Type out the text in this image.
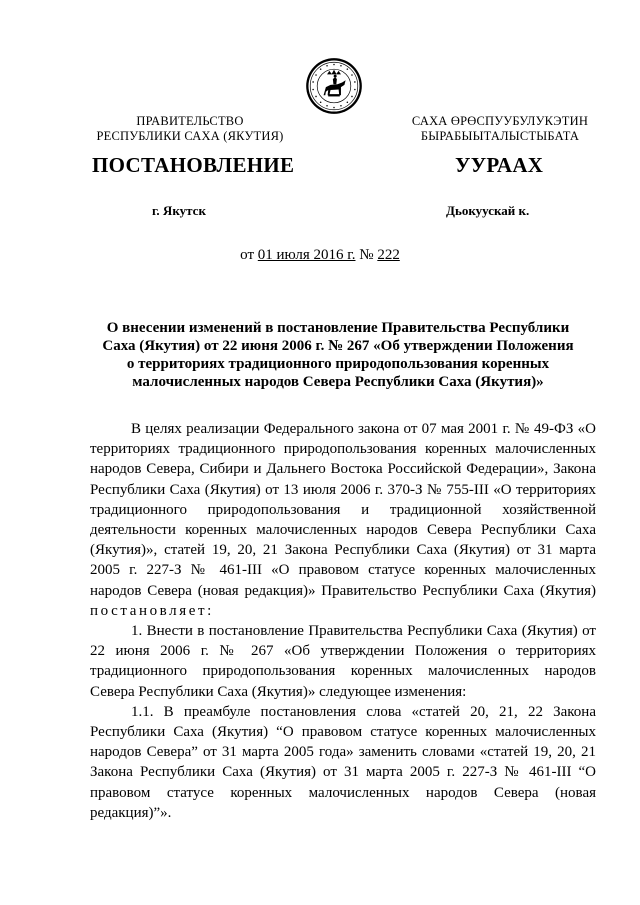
ПРАВИТЕЛЬСТВО
РЕСПУБЛИКИ САХА (ЯКУТИЯ)
САХА ӨРӨСПУУБУЛУКЭТИН
БЫРАБЫЫТАЛЫСТЫБАТА
ПОСТАНОВЛЕНИЕ	УУРААХ
г. Якутск	Дьокуускай к.
от 01 июля 2016 г. № 222
О внесении изменений в постановление Правительства Республики Саха (Якутия) от 22 июня 2006 г. № 267 «Об утверждении Положения о территориях традиционного природопользования коренных малочисленных народов Севера Республики Саха (Якутия)»

В целях реализации Федерального закона от 07 мая 2001 г. № 49-ФЗ «О территориях традиционного природопользования коренных малочисленных народов Севера, Сибири и Дальнего Востока Российской Федерации», Закона Республики Саха (Якутия) от 13 июля 2006 г. 370-З № 755-III «О территориях традиционного природопользования и традиционной хозяйственной деятельности коренных малочисленных народов Севера Республики Саха (Якутия)», статей 19, 20, 21 Закона Республики Саха (Якутия) от 31 марта 2005 г. 227-З № 461-III «О правовом статусе коренных малочисленных народов Севера (новая редакция)» Правительство Республики Саха (Якутия) постановляет:

1. Внести в постановление Правительства Республики Саха (Якутия) от 22 июня 2006 г. № 267 «Об утверждении Положения о территориях традиционного природопользования коренных малочисленных народов Севера Республики Саха (Якутия)» следующее изменения:

1.1. В преамбуле постановления слова «статей 20, 21, 22 Закона Республики Саха (Якутия) “О правовом статусе коренных малочисленных народов Севера” от 31 марта 2005 года» заменить словами «статей 19, 20, 21 Закона Республики Саха (Якутия) от 31 марта 2005 г. 227-З № 461-III “О правовом статусе коренных малочисленных народов Севера (новая редакция)”».
